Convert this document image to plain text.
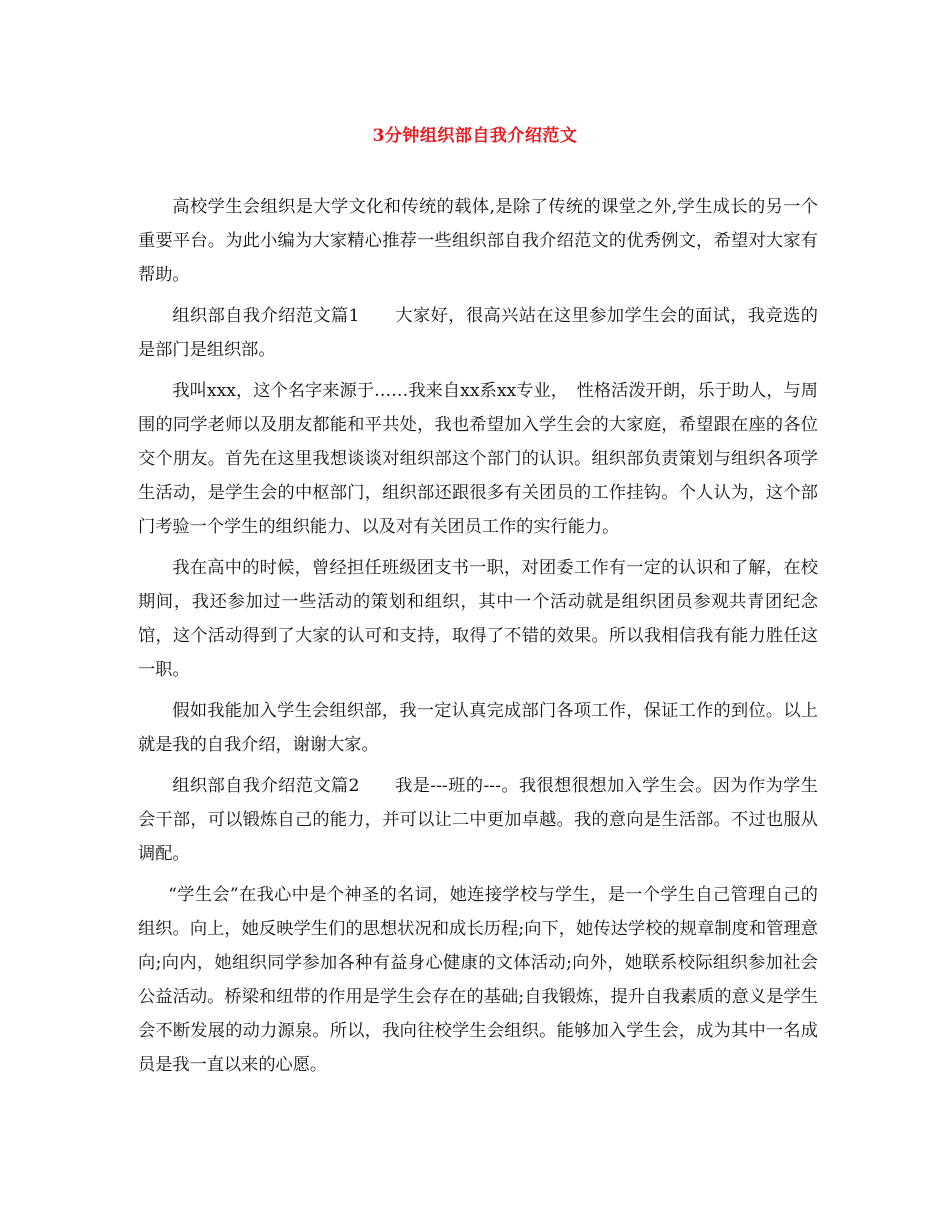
3分钟组织部自我介绍范文

高校学生会组织是大学文化和传统的载体,是除了传统的课堂之外,学生成长的另一个重要平台。为此小编为大家精心推荐一些组织部自我介绍范文的优秀例文，希望对大家有帮助。

组织部自我介绍范文篇1　　大家好，很高兴站在这里参加学生会的面试，我竞选的是部门是组织部。

我叫xxx，这个名字来源于……我来自xx系xx专业，　性格活泼开朗，乐于助人，与周围的同学老师以及朋友都能和平共处，我也希望加入学生会的大家庭，希望跟在座的各位交个朋友。首先在这里我想谈谈对组织部这个部门的认识。组织部负责策划与组织各项学生活动，是学生会的中枢部门，组织部还跟很多有关团员的工作挂钩。个人认为，这个部门考验一个学生的组织能力、以及对有关团员工作的实行能力。

我在高中的时候，曾经担任班级团支书一职，对团委工作有一定的认识和了解，在校期间，我还参加过一些活动的策划和组织，其中一个活动就是组织团员参观共青团纪念馆，这个活动得到了大家的认可和支持，取得了不错的效果。所以我相信我有能力胜任这一职。

假如我能加入学生会组织部，我一定认真完成部门各项工作，保证工作的到位。以上就是我的自我介绍，谢谢大家。

组织部自我介绍范文篇2　　我是---班的---。我很想很想加入学生会。因为作为学生会干部，可以锻炼自己的能力，并可以让二中更加卓越。我的意向是生活部。不过也服从调配。

“学生会”在我心中是个神圣的名词，她连接学校与学生，是一个学生自己管理自己的组织。向上，她反映学生们的思想状况和成长历程;向下，她传达学校的规章制度和管理意向;向内，她组织同学参加各种有益身心健康的文体活动;向外，她联系校际组织参加社会公益活动。桥梁和纽带的作用是学生会存在的基础;自我锻炼，提升自我素质的意义是学生会不断发展的动力源泉。所以，我向往校学生会组织。能够加入学生会，成为其中一名成员是我一直以来的心愿。
